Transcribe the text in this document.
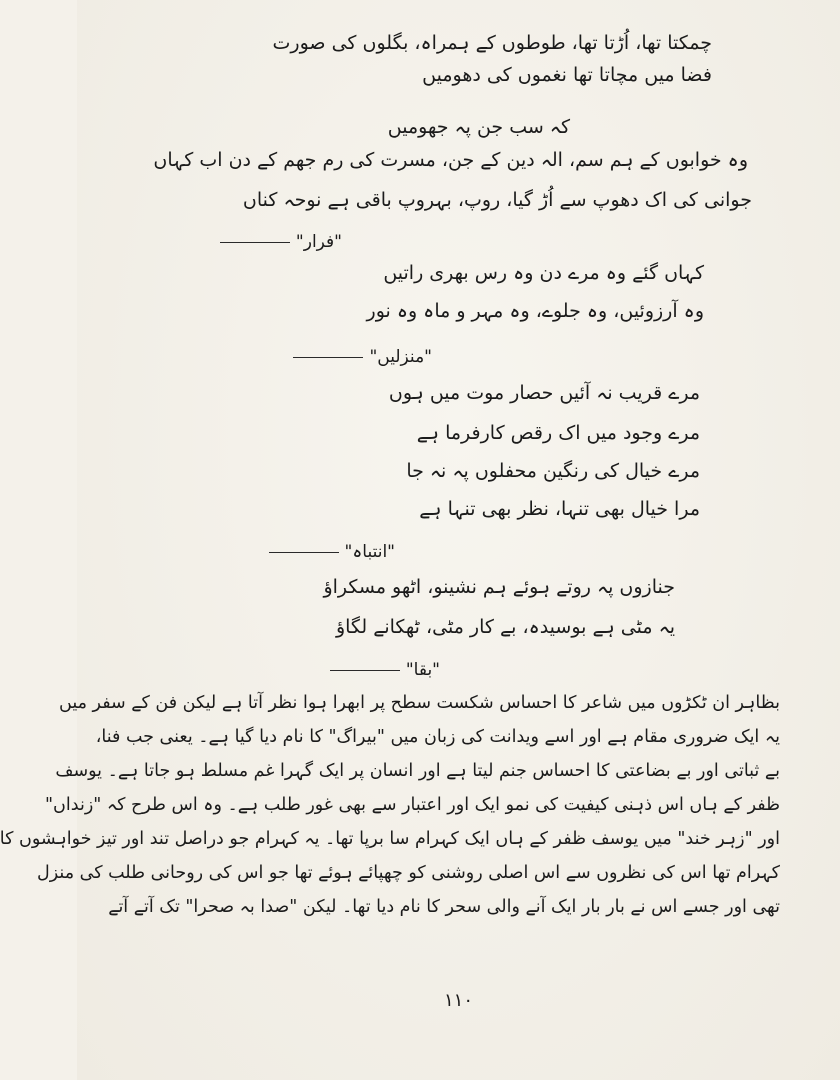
چمکتا تھا، اُڑتا تھا، طوطوں کے ہمراہ، بگلوں کی صورت
فضا میں مچاتا تھا نغموں کی دھومیں
کہ سب جن پہ جھومیں
وہ خوابوں کے ہم سم، الہ دین کے جن، مسرت کی رم جھم کے دن اب کہاں
جوانی کی اک دھوپ سے اُڑ گیا، روپ، بہروپ باقی ہے نوحہ کناں
"فرار"
کہاں گئے وہ مرے دن وہ رس بھری راتیں
وہ آرزوئیں، وہ جلوے، وہ مہر و ماہ وہ نور
"منزلیں"
مرے قریب نہ آئیں حصار موت میں ہوں
مرے وجود میں اک رقص کارفرما ہے
مرے خیال کی رنگین محفلوں پہ نہ جا
مرا خیال بھی تنہا، نظر بھی تنہا ہے
"انتباہ"
جنازوں پہ روتے ہوئے ہم نشینو، اٹھو مسکراؤ
یہ مٹی ہے بوسیدہ، بے کار مٹی، ٹھکانے لگاؤ
"بقا"

بظاہر ان ٹکڑوں میں شاعر کا احساس شکست سطح پر ابھرا ہوا نظر آتا ہے لیکن فن کے سفر میں

یہ ایک ضروری مقام ہے اور اسے ویدانت کی زبان میں "بیراگ" کا نام دیا گیا ہے۔ یعنی جب فنا،

بے ثباتی اور بے بضاعتی کا احساس جنم لیتا ہے اور انسان پر ایک گہرا غم مسلط ہو جاتا ہے۔ یوسف

ظفر کے ہاں اس ذہنی کیفیت کی نمو ایک اور اعتبار سے بھی غور طلب ہے۔ وہ اس طرح کہ "زنداں"

اور "زہر خند" میں یوسف ظفر کے ہاں ایک کہرام سا برپا تھا۔ یہ کہرام جو دراصل تند اور تیز خواہشوں کا

کہرام تھا اس کی نظروں سے اس اصلی روشنی کو چھپائے ہوئے تھا جو اس کی روحانی طلب کی منزل

تھی اور جسے اس نے بار بار ایک آنے والی سحر کا نام دیا تھا۔ لیکن "صدا بہ صحرا" تک آتے آتے

۱۱۰
